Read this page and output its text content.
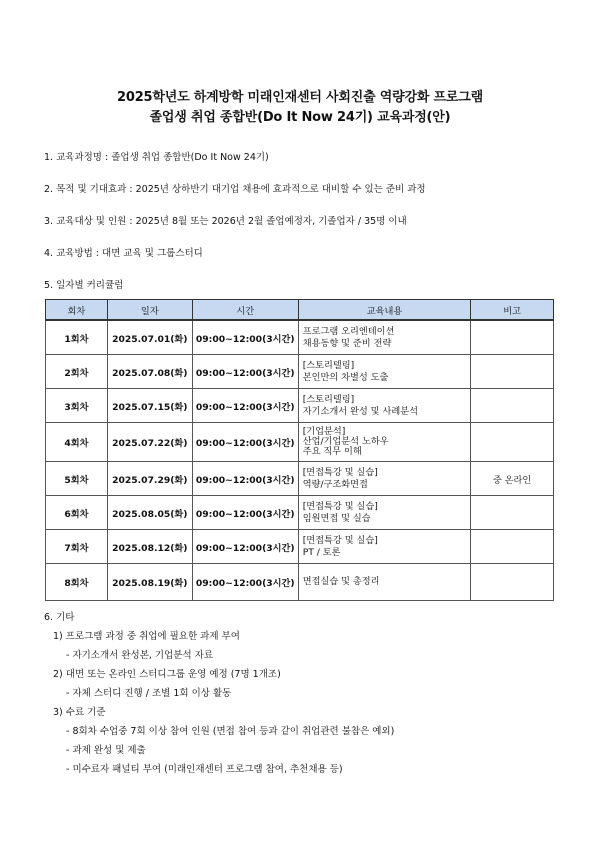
2025학년도 하계방학 미래인재센터 사회진출 역량강화 프로그램
졸업생 취업 종합반(Do It Now 24기) 교육과정(안)
1. 교육과정명 : 졸업생 취업 종합반(Do It Now 24기)
2. 목적 및 기대효과 : 2025년 상하반기 대기업 채용에 효과적으로 대비할 수 있는 준비 과정
3. 교육대상 및 인원 : 2025년 8월 또는 2026년 2월 졸업예정자, 기졸업자 / 35명 이내
4. 교육방법 : 대면 교육 및 그룹스터디
5. 일자별 커리큘럼
회차	일자	시간	교육내용	비고
1회차	2025.07.01(화)	09:00~12:00(3시간)	프로그램 오리엔테이션
채용동향 및 준비 전략	

2회차	2025.07.08(화)	09:00~12:00(3시간)	[스토리텔링]
본인만의 차별성 도출	

3회차	2025.07.15(화)	09:00~12:00(3시간)	[스토리텔링]
자기소개서 완성 및 사례분석	

4회차	2025.07.22(화)	09:00~12:00(3시간)	[기업분석]
산업/기업분석 노하우
주요 직무 이해	

5회차	2025.07.29(화)	09:00~12:00(3시간)	[면접특강 및 실습]
역량/구조화면접	중 온라인
6회차	2025.08.05(화)	09:00~12:00(3시간)	[면접특강 및 실습]
임원면접 및 실습	

7회차	2025.08.12(화)	09:00~12:00(3시간)	[면접특강 및 실습]
PT / 토론	

8회차	2025.08.19(화)	09:00~12:00(3시간)	면접실습 및 총정리	

6. 기타
1) 프로그램 과정 중 취업에 필요한 과제 부여
- 자기소개서 완성본, 기업분석 자료
2) 대면 또는 온라인 스터디그룹 운영 예정 (7명 1개조)
- 자체 스터디 진행 / 조별 1회 이상 활동
3) 수료 기준
- 8회차 수업중 7회 이상 참여 인원 (면접 참여 등과 같이 취업관련 불참은 예외)
- 과제 완성 및 제출
- 미수료자 패널티 부여 (미래인재센터 프로그램 참여, 추천채용 등)
